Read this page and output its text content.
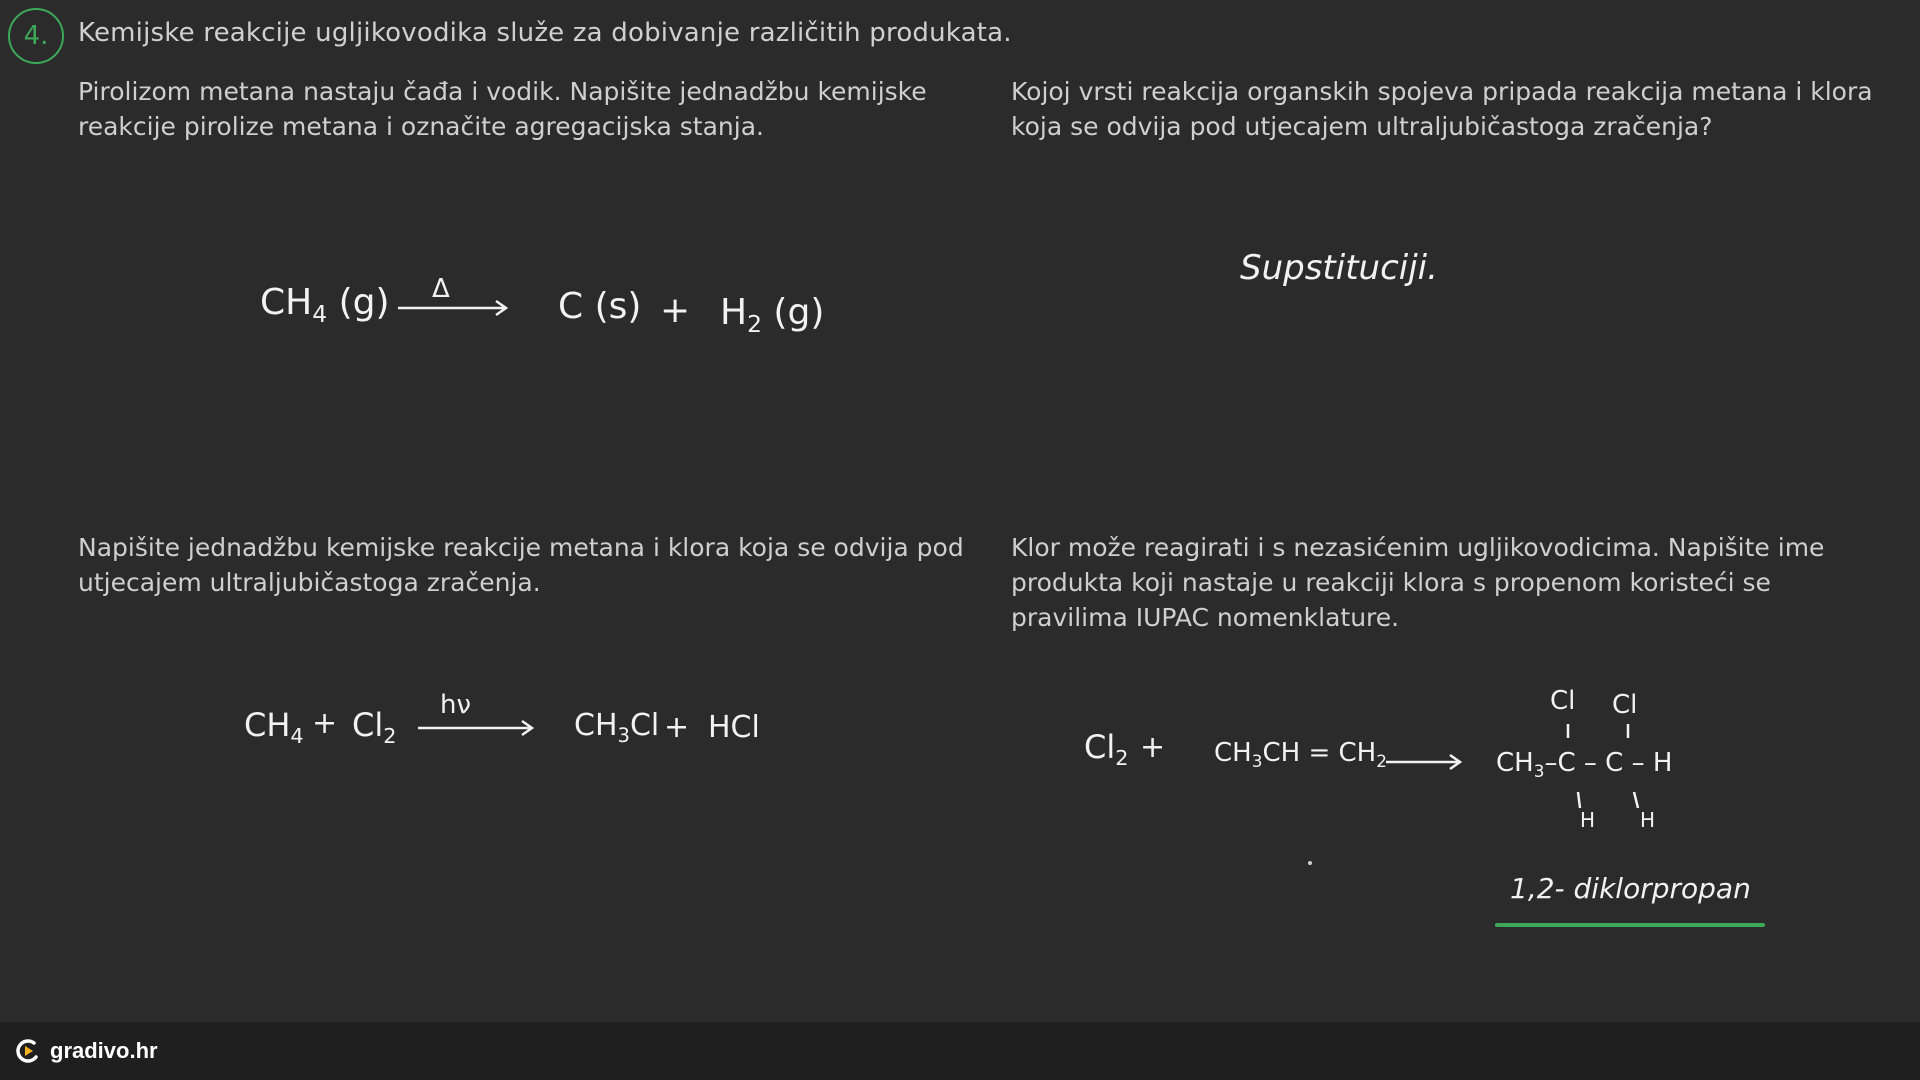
4. Kemijske reakcije ugljikovodika služe za dobivanje različitih produkata.
Pirolizom metana nastaju čađa i vodik. Napišite jednadžbu kemijske reakcije pirolize metana i označite agregacijska stanja.
$CH_4$ (g) Δ	C $(s) + H_2$ (g)
Kojoj vrsti reakcija organskih spojeva pripada reakcija metana i klora koja se odvija pod utjecajem ultraljubičastoga zračenja?
Supstituciji.
Napišite jednadžbu kemijske reakcije metana i klora koja se odvija pod utjecajem ultraljubičastoga zračenja.
$CH_4 + Cl_2$
hν
$CH_3Cl$ + HCl
Klor može reagirati i s nezasićenim ugljikovodicima. Napišite ime produkta koji nastaje u reakciji klora s propenom koristeći se pravilima IUPAC nomenklature.
$Cl_2 + CH_3CH = CH_2$
Cl Cl
$CH_3-C$ – C – H
H H
1,2- diklorpropan
gradivo.hr
